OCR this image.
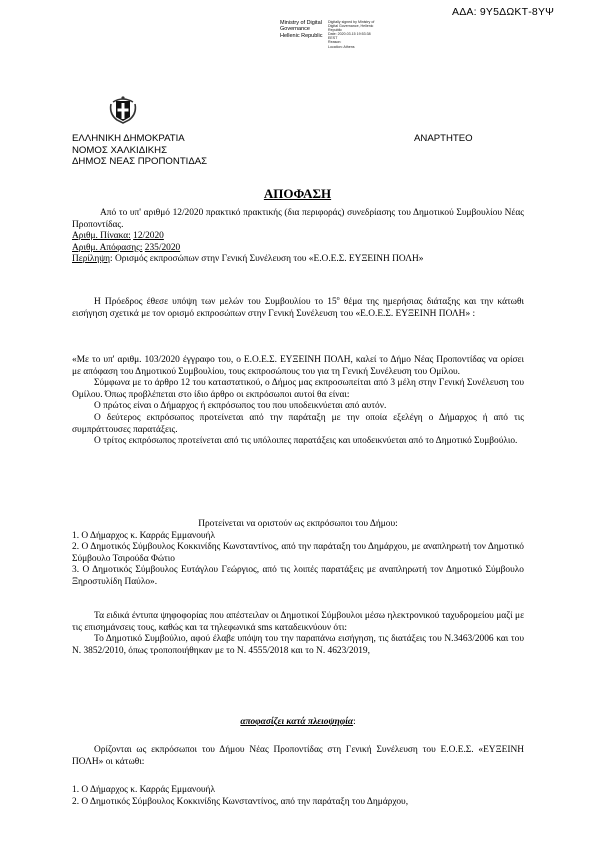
ΑΔΑ: 9Υ5ΔΩΚΤ-8ΥΨ
Ministry of Digital
Governance
Hellenic Republic
Digitally signed by Ministry of
Digital Governance, Hellenic
Republic
Date: 2020.03.15 19:53:38
EEST
Reason:
Location: Athens
ΕΛΛΗΝΙΚΗ ΔΗΜΟΚΡΑΤΙΑ
ΝΟΜΟΣ ΧΑΛΚΙΔΙΚΗΣ
ΔΗΜΟΣ ΝΕΑΣ ΠΡΟΠΟΝΤΙΔΑΣ
ΑΝΑΡΤΗΤΕΟ
ΑΠΟΦΑΣΗ

Από το υπ' αριθμό 12/2020 πρακτικό πρακτικής (δια περιφοράς) συνεδρίασης του Δημοτικού Συμβουλίου Νέας Προποντίδας.

Αριθμ. Πίνακα: 12/2020

Αριθμ. Απόφασης: 235/2020

Περίληψη: Ορισμός εκπροσώπων στην Γενική Συνέλευση του «Ε.Ο.Ε.Σ. ΕΥΞΕΙΝΗ ΠΟΛΗ»

Η Πρόεδρος έθεσε υπόψη των μελών του Συμβουλίου το $15^o$ θέμα της ημερήσιας διάταξης και την κάτωθι εισήγηση σχετικά με τον ορισμό εκπροσώπων στην Γενική Συνέλευση του «Ε.Ο.Ε.Σ. ΕΥΞΕΙΝΗ ΠΟΛΗ» :

«Με το υπ' αριθμ. 103/2020 έγγραφο του, ο Ε.Ο.Ε.Σ. ΕΥΞΕΙΝΗ ΠΟΛΗ, καλεί το Δήμο Νέας Προποντίδας να ορίσει με απόφαση του Δημοτικού Συμβουλίου, τους εκπροσώπους του για τη Γενική Συνέλευση του Ομίλου.

Σύμφωνα με το άρθρο 12 του καταστατικού, ο Δήμος μας εκπροσωπείται από 3 μέλη στην Γενική Συνέλευση του Ομίλου. Όπως προβλέπεται στο ίδιο άρθρο οι εκπρόσωποι αυτοί θα είναι:

Ο πρώτος είναι ο Δήμαρχος ή εκπρόσωπος του που υποδεικνύεται από αυτόν.

Ο δεύτερος εκπρόσωπος προτείνεται από την παράταξη με την οποία εξελέγη ο Δήμαρχος ή από τις συμπράττουσες παρατάξεις.

Ο τρίτος εκπρόσωπος προτείνεται από τις υπόλοιπες παρατάξεις και υποδεικνύεται από το Δημοτικό Συμβούλιο.

Προτείνεται να οριστούν ως εκπρόσωποι του Δήμου:

1. Ο Δήμαρχος κ. Καρράς Εμμανουήλ

2. Ο Δημοτικός Σύμβουλος Κοκκινίδης Κωνσταντίνος, από την παράταξη του Δημάρχου, με αναπληρωτή τον Δημοτικό Σύμβουλο Τσιρούδα Φώτιο

3. Ο Δημοτικός Σύμβουλος Ευτάγλου Γεώργιος, από τις λοιπές παρατάξεις με αναπληρωτή τον Δημοτικό Σύμβουλο Ξηροστυλίδη Παύλο».

Τα ειδικά έντυπα ψηφοφορίας που απέστειλαν οι Δημοτικοί Σύμβουλοι μέσω ηλεκτρονικού ταχυδρομείου μαζί με τις επισημάνσεις τους, καθώς και τα τηλεφωνικά sms καταδεικνύουν ότι:

Το Δημοτικό Συμβούλιο, αφού έλαβε υπόψη του την παραπάνω εισήγηση, τις διατάξεις του Ν.3463/2006 και του Ν. 3852/2010, όπως τροποποιήθηκαν με το Ν. 4555/2018 και το Ν. 4623/2019,

αποφασίζει κατά πλειοψηφία:

Ορίζονται ως εκπρόσωποι του Δήμου Νέας Προποντίδας στη Γενική Συνέλευση του Ε.Ο.Ε.Σ. «ΕΥΞΕΙΝΗ ΠΟΛΗ» οι κάτωθι:

1. Ο Δήμαρχος κ. Καρράς Εμμανουήλ

2. Ο Δημοτικός Σύμβουλος Κοκκινίδης Κωνσταντίνος, από την παράταξη του Δημάρχου,
